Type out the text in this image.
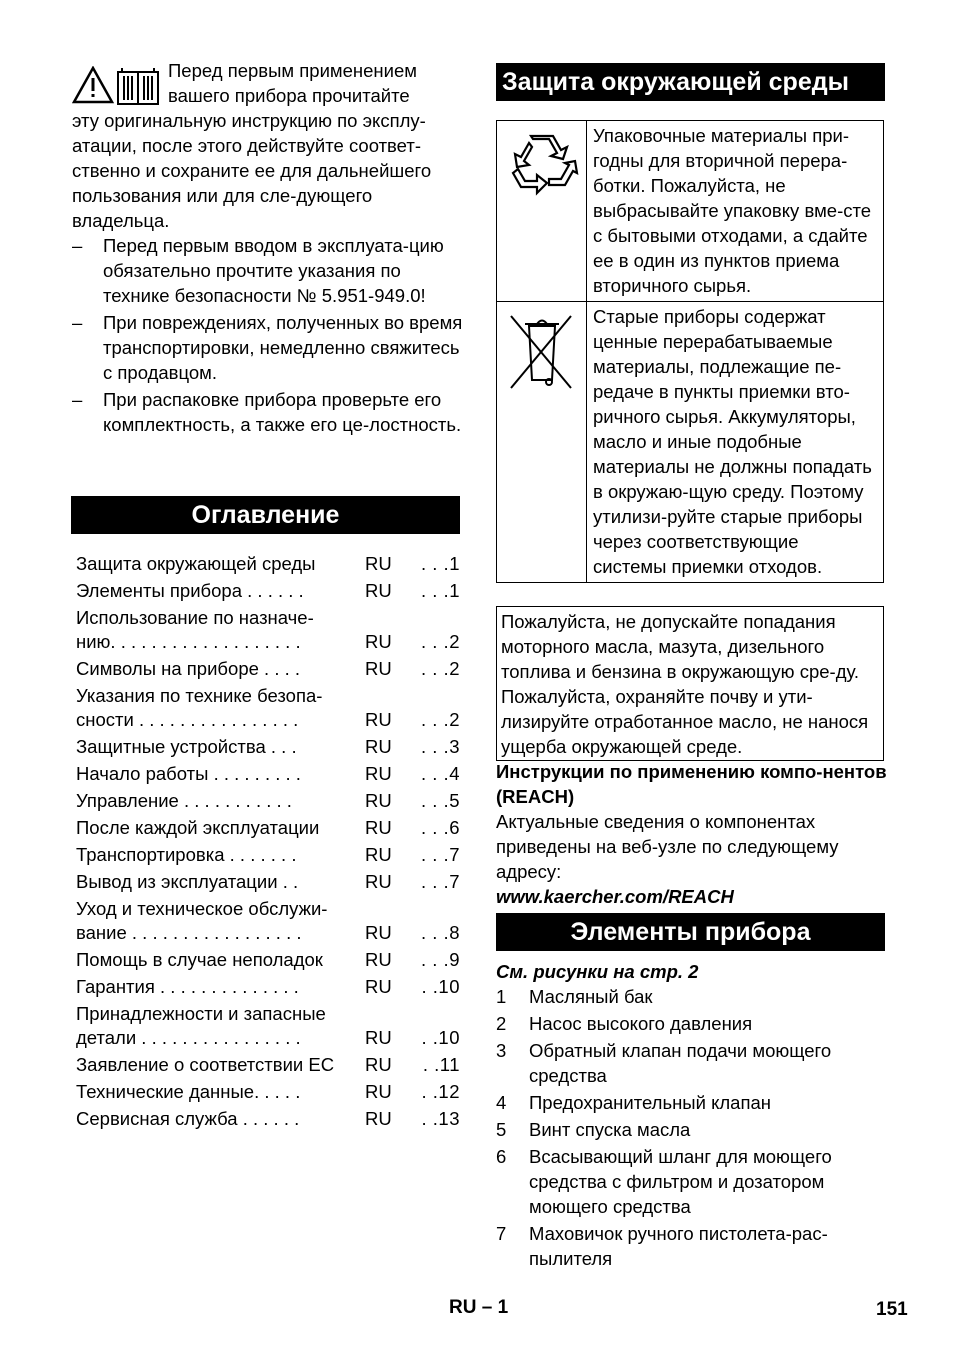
Перед первым применением вашего прибора прочитайте
эту оригинальную инструкцию по эксплу-атации, после этого действуйте соответ-ственно и сохраните ее для дальнейшего пользования или для сле-дующего владельца.
–	Перед первым вводом в эксплуата-цию обязательно прочтите указания по технике безопасности № 5.951-949.0!
–	При повреждениях, полученных во время транспортировки, немедленно свяжитесь с продавцом.
–	При распаковке прибора проверьте его комплектность, а также его це-лостность.
Оглавление
Защита окружающей среды	RU	. . .1
Элементы прибора . . . . . .	RU	. . .1
Использование по назначе-
нию. . . . . . . . . . . . . . . . . . .	RU	. . .2
Символы на приборе . . . .	RU	. . .2
Указания по технике безопа-
сности . . . . . . . . . . . . . . . .	RU	. . .2
Защитные устройства . . .	RU	. . .3
Начало работы . . . . . . . . .	RU	. . .4
Управление . . . . . . . . . . .	RU	. . .5
После каждой эксплуатации	RU	. . .6
Транспортировка . . . . . . .	RU	. . .7
Вывод из эксплуатации . .	RU	. . .7
Уход и техническое обслужи-
вание . . . . . . . . . . . . . . . . .	RU	. . .8
Помощь в случае неполадок	RU	. . .9
Гарантия . . . . . . . . . . . . . .	RU	. .10
Принадлежности и запасные
детали . . . . . . . . . . . . . . . .	RU	. .10
Заявление о соответствии ЕС	RU	. .11
Технические данные. . . . .	RU	. .12
Сервисная служба . . . . . .	RU	. .13
Защита окружающей среды
Упаковочные материалы при-годны для вторичной перера-ботки. Пожалуйста, не выбрасывайте упаковку вме-сте с бытовыми отходами, а сдайте ее в один из пунктов приема вторичного сырья.
Старые приборы содержат ценные перерабатываемые материалы, подлежащие пе-редаче в пункты приемки вто-ричного сырья. Аккумуляторы, масло и иные подобные материалы не должны попадать в окружаю-щую среду. Поэтому утилизи-руйте старые приборы через соответствующие системы приемки отходов.
Пожалуйста, не допускайте попадания моторного масла, мазута, дизельного топлива и бензина в окружающую сре-ду. Пожалуйста, охраняйте почву и ути-лизируйте отработанное масло, не нанося ущерба окружающей среде.
Инструкции по применению компо-нентов (REACH)
Актуальные сведения о компонентах приведены на веб-узле по следующему адресу:
www.kaercher.com/REACH
Элементы прибора
См. рисунки на стр. 2
1	Масляный бак
2	Насос высокого давления
3	Обратный клапан подачи моющего средства
4	Предохранительный клапан
5	Винт спуска масла
6	Всасывающий шланг для моющего средства с фильтром и дозатором моющего средства
7	Маховичок ручного пистолета-рас-пылителя
RU – 1	151
